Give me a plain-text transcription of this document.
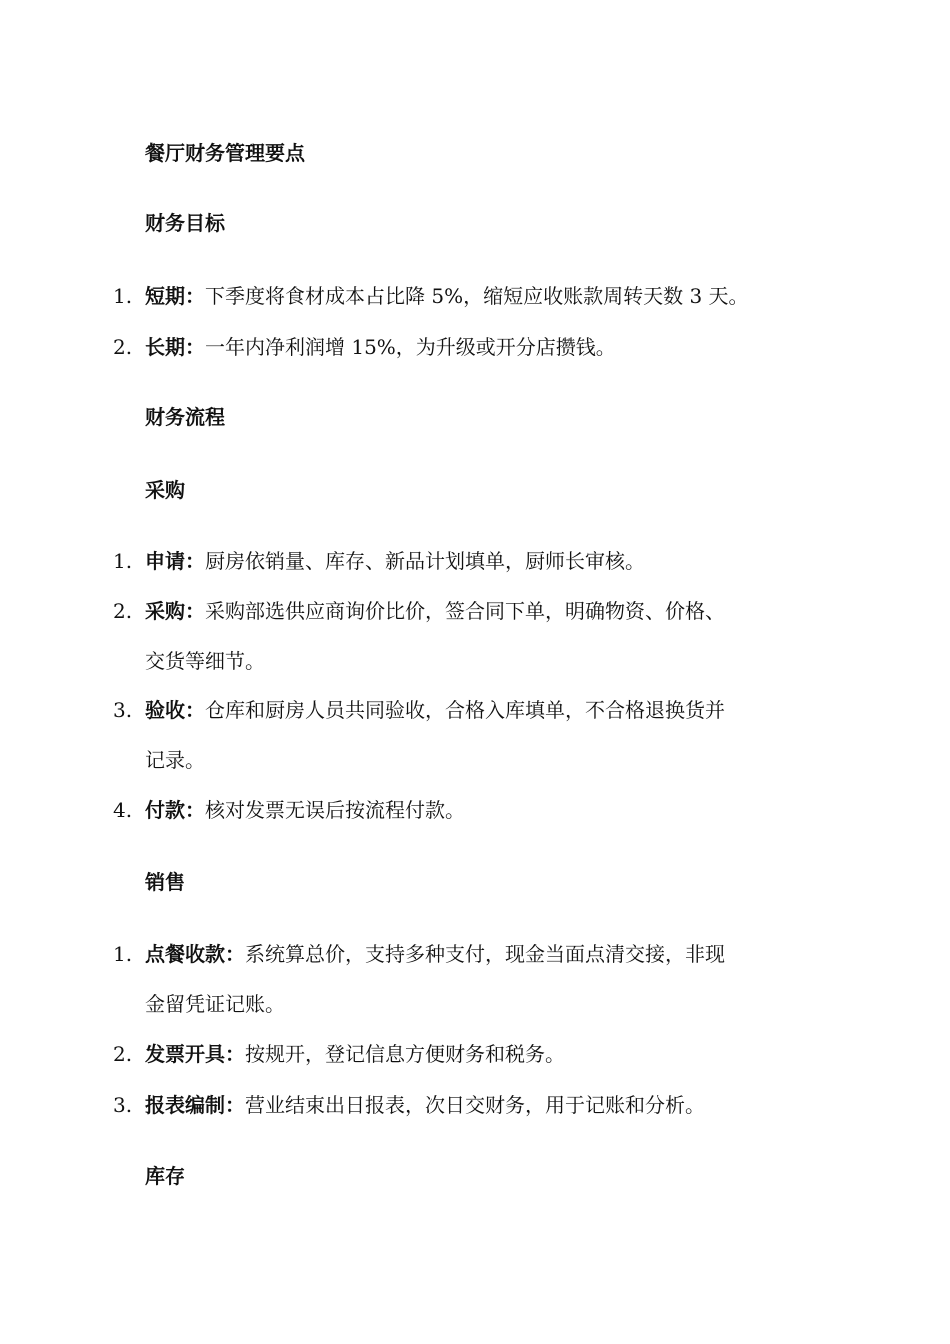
餐厅财务管理要点
财务目标
1. 短期：下季度将食材成本占比降 5%，缩短应收账款周转天数 3 天。
2. 长期：一年内净利润增 15%，为升级或开分店攒钱。
财务流程
采购
1. 申请：厨房依销量、库存、新品计划填单，厨师长审核。
2. 采购：采购部选供应商询价比价，签合同下单，明确物资、价格、
交货等细节。
3. 验收：仓库和厨房人员共同验收，合格入库填单，不合格退换货并
记录。
4. 付款：核对发票无误后按流程付款。
销售
1. 点餐收款：系统算总价，支持多种支付，现金当面点清交接，非现
金留凭证记账。
2. 发票开具：按规开，登记信息方便财务和税务。
3. 报表编制：营业结束出日报表，次日交财务，用于记账和分析。
库存
